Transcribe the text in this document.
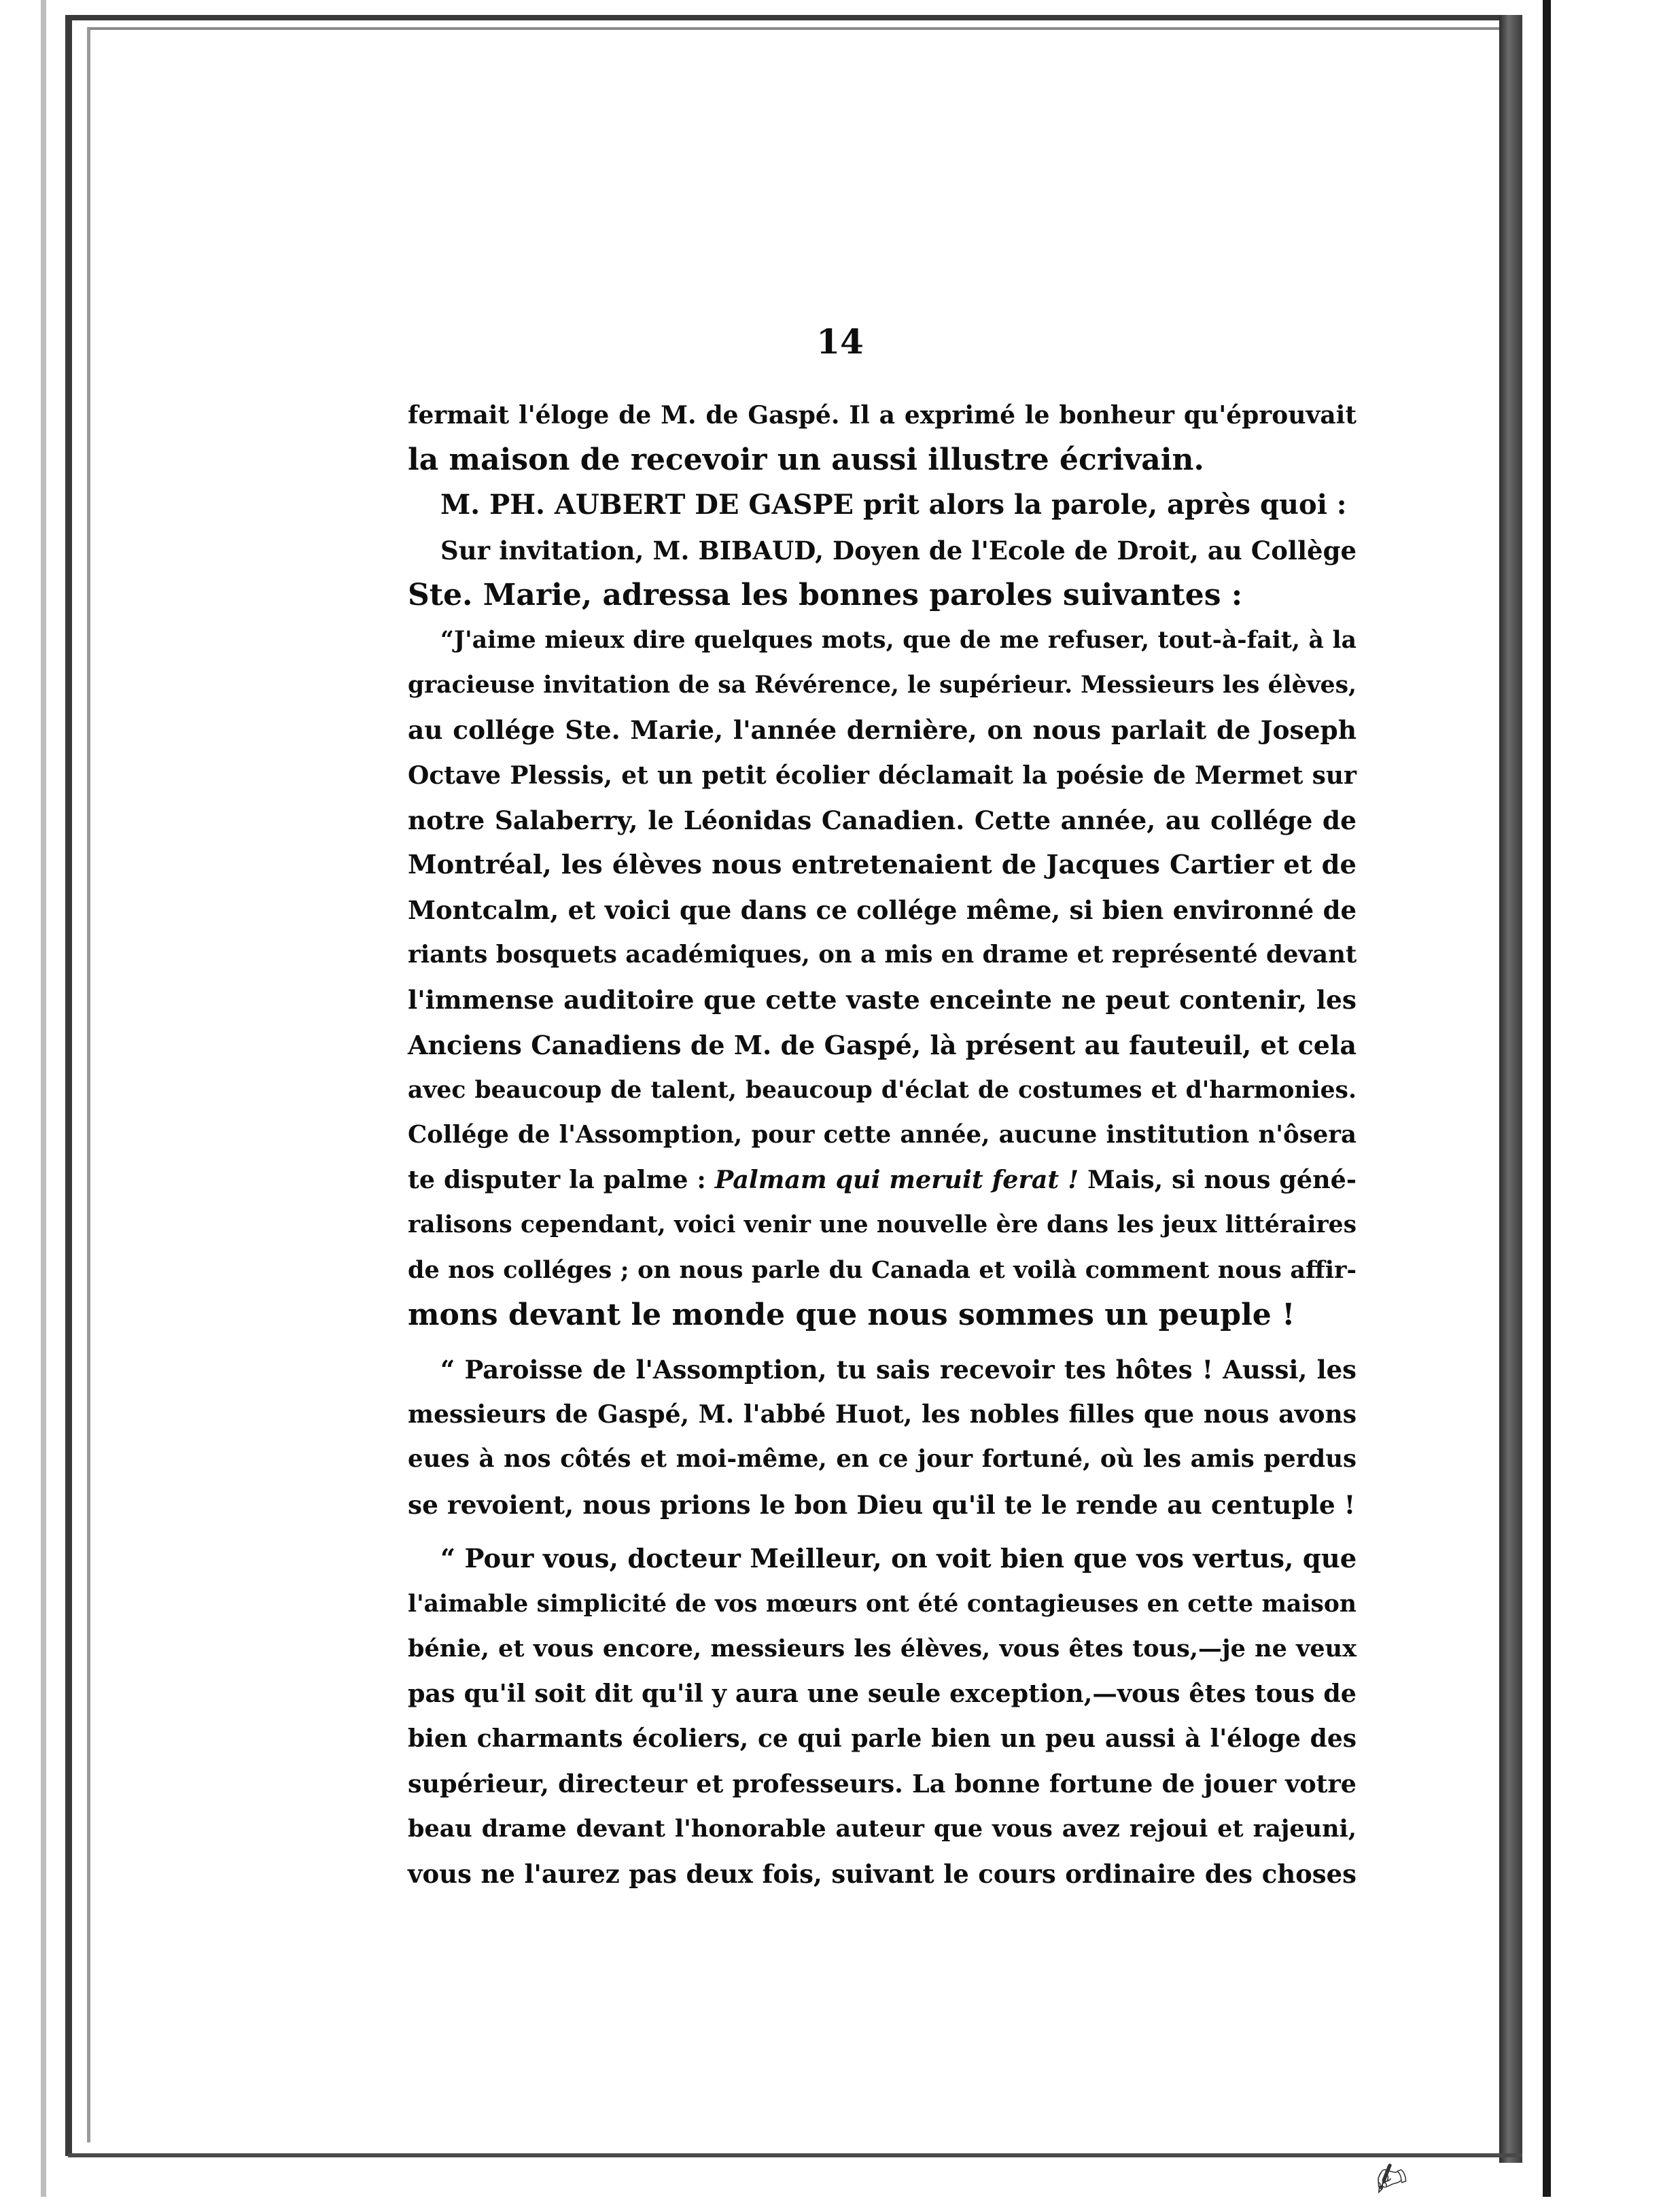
✍
14
fermait l'éloge de M. de Gaspé. Il a exprimé le bonheur qu'éprouvait
la maison de recevoir un aussi illustre écrivain.
M. PH. AUBERT DE GASPE prit alors la parole, après quoi :
Sur invitation, M. BIBAUD, Doyen de l'Ecole de Droit, au Collège
Ste. Marie, adressa les bonnes paroles suivantes :
“J'aime mieux dire quelques mots, que de me refuser, tout-à-fait, à la
gracieuse invitation de sa Révérence, le supérieur. Messieurs les élèves,
au collége Ste. Marie, l'année dernière, on nous parlait de Joseph
Octave Plessis, et un petit écolier déclamait la poésie de Mermet sur
notre Salaberry, le Léonidas Canadien. Cette année, au collége de
Montréal, les élèves nous entretenaient de Jacques Cartier et de
Montcalm, et voici que dans ce collége même, si bien environné de
riants bosquets académiques, on a mis en drame et représenté devant
l'immense auditoire que cette vaste enceinte ne peut contenir, les
Anciens Canadiens de M. de Gaspé, là présent au fauteuil, et cela
avec beaucoup de talent, beaucoup d'éclat de costumes et d'harmonies.
Collége de l'Assomption, pour cette année, aucune institution n'ôsera
te disputer la palme : Palmam qui meruit ferat ! Mais, si nous géné-
ralisons cependant, voici venir une nouvelle ère dans les jeux littéraires
de nos colléges ; on nous parle du Canada et voilà comment nous affir-
mons devant le monde que nous sommes un peuple !
“ Paroisse de l'Assomption, tu sais recevoir tes hôtes ! Aussi, les
messieurs de Gaspé, M. l'abbé Huot, les nobles filles que nous avons
eues à nos côtés et moi-même, en ce jour fortuné, où les amis perdus
se revoient, nous prions le bon Dieu qu'il te le rende au centuple !
“ Pour vous, docteur Meilleur, on voit bien que vos vertus, que
l'aimable simplicité de vos mœurs ont été contagieuses en cette maison
bénie, et vous encore, messieurs les élèves, vous êtes tous,—je ne veux
pas qu'il soit dit qu'il y aura une seule exception,—vous êtes tous de
bien charmants écoliers, ce qui parle bien un peu aussi à l'éloge des
supérieur, directeur et professeurs. La bonne fortune de jouer votre
beau drame devant l'honorable auteur que vous avez rejoui et rajeuni,
vous ne l'aurez pas deux fois, suivant le cours ordinaire des choses
